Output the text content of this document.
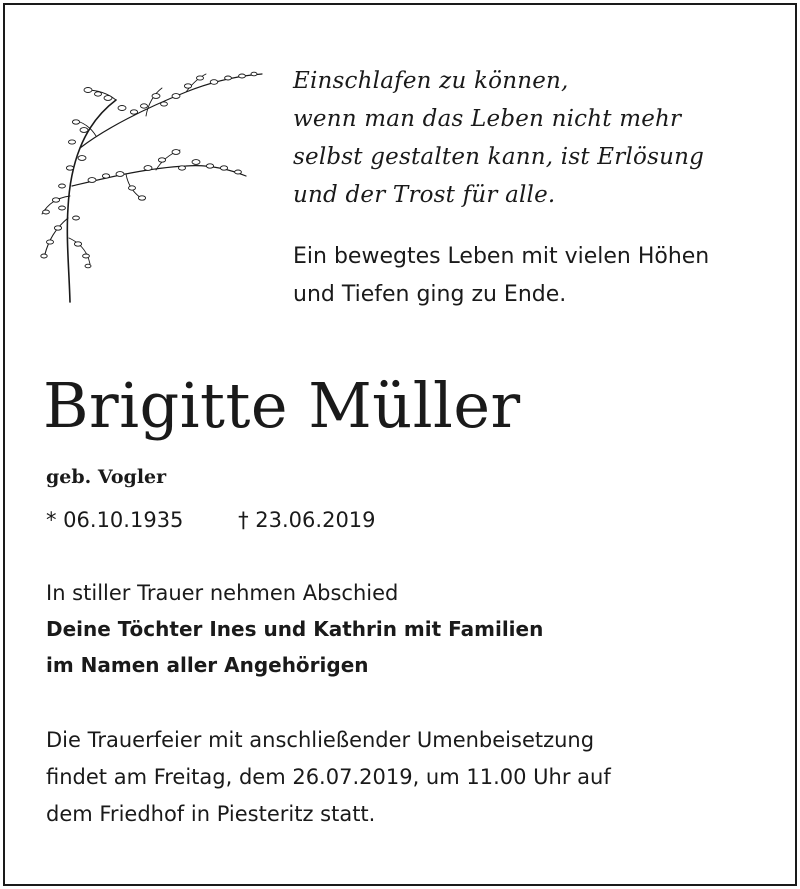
Einschlafen zu können,
wenn man das Leben nicht mehr
selbst gestalten kann, ist Erlösung
und der Trost für alle.
Ein bewegtes Leben mit vielen Höhen
und Tiefen ging zu Ende.
Brigitte Müller
geb. Vogler
* 06.10.1935	† 23.06.2019
In stiller Trauer nehmen Abschied
Deine Töchter Ines und Kathrin mit Familien
im Namen aller Angehörigen
Die Trauerfeier mit anschließender Umenbeisetzung
findet am Freitag, dem 26.07.2019, um 11.00 Uhr auf
dem Friedhof in Piesteritz statt.
